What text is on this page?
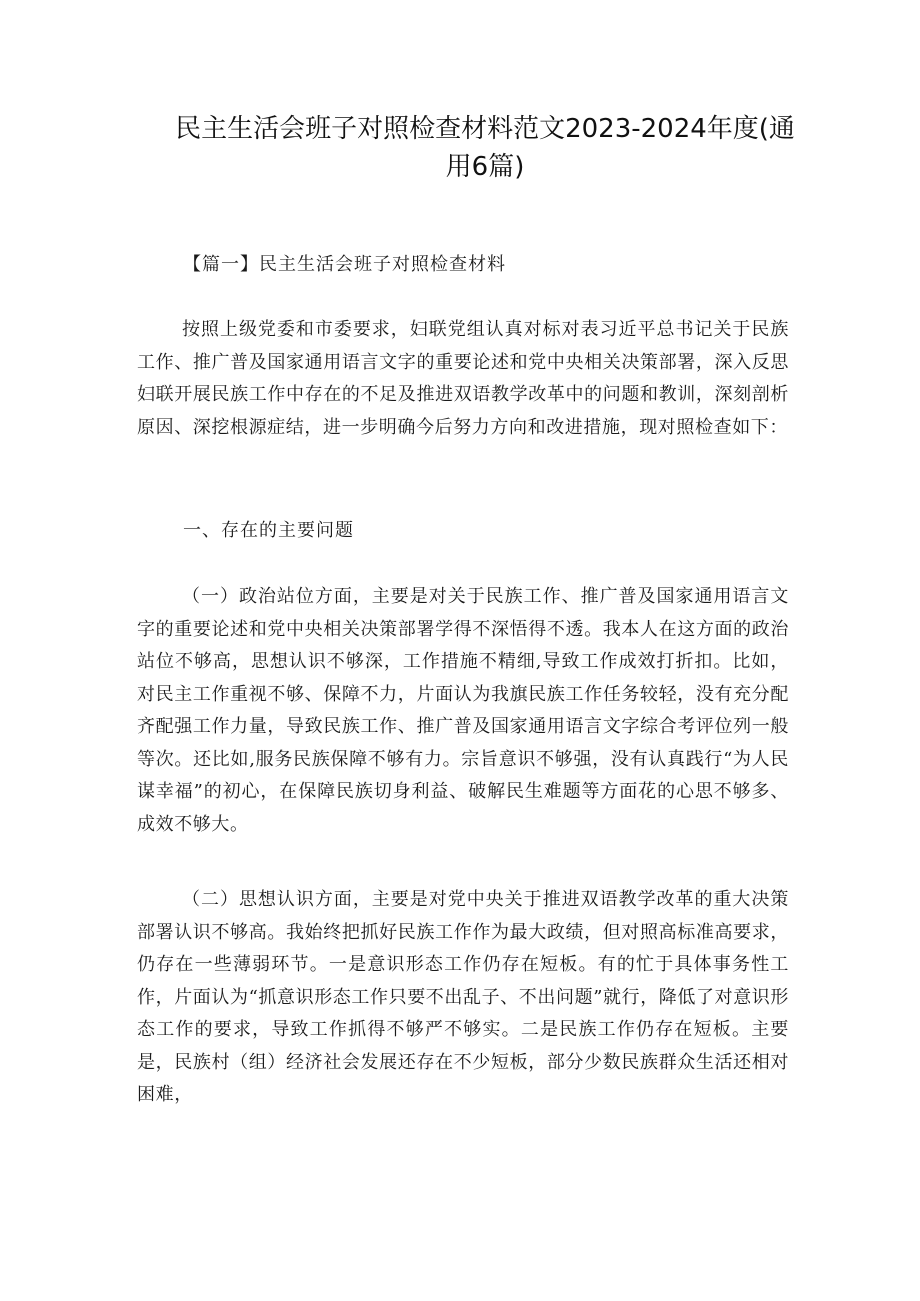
民主生活会班子对照检查材料范文2023-2024年度(通用6篇)

【篇一】民主生活会班子对照检查材料

按照上级党委和市委要求，妇联党组认真对标对表习近平总书记关于民族工作、推广普及国家通用语言文字的重要论述和党中央相关决策部署，深入反思妇联开展民族工作中存在的不足及推进双语教学改革中的问题和教训，深刻剖析原因、深挖根源症结，进一步明确今后努力方向和改进措施，现对照检查如下：

一、存在的主要问题

（一）政治站位方面，主要是对关于民族工作、推广普及国家通用语言文字的重要论述和党中央相关决策部署学得不深悟得不透。我本人在这方面的政治站位不够高，思想认识不够深，工作措施不精细,导致工作成效打折扣。比如，对民主工作重视不够、保障不力，片面认为我旗民族工作任务较轻，没有充分配齐配强工作力量，导致民族工作、推广普及国家通用语言文字综合考评位列一般等次。还比如,服务民族保障不够有力。宗旨意识不够强，没有认真践行“为人民谋幸福”的初心，在保障民族切身利益、破解民生难题等方面花的心思不够多、成效不够大。

（二）思想认识方面，主要是对党中央关于推进双语教学改革的重大决策部署认识不够高。我始终把抓好民族工作作为最大政绩，但对照高标准高要求，仍存在一些薄弱环节。一是意识形态工作仍存在短板。有的忙于具体事务性工作，片面认为“抓意识形态工作只要不出乱子、不出问题”就行，降低了对意识形态工作的要求，导致工作抓得不够严不够实。二是民族工作仍存在短板。主要是，民族村（组）经济社会发展还存在不少短板，部分少数民族群众生活还相对困难，
